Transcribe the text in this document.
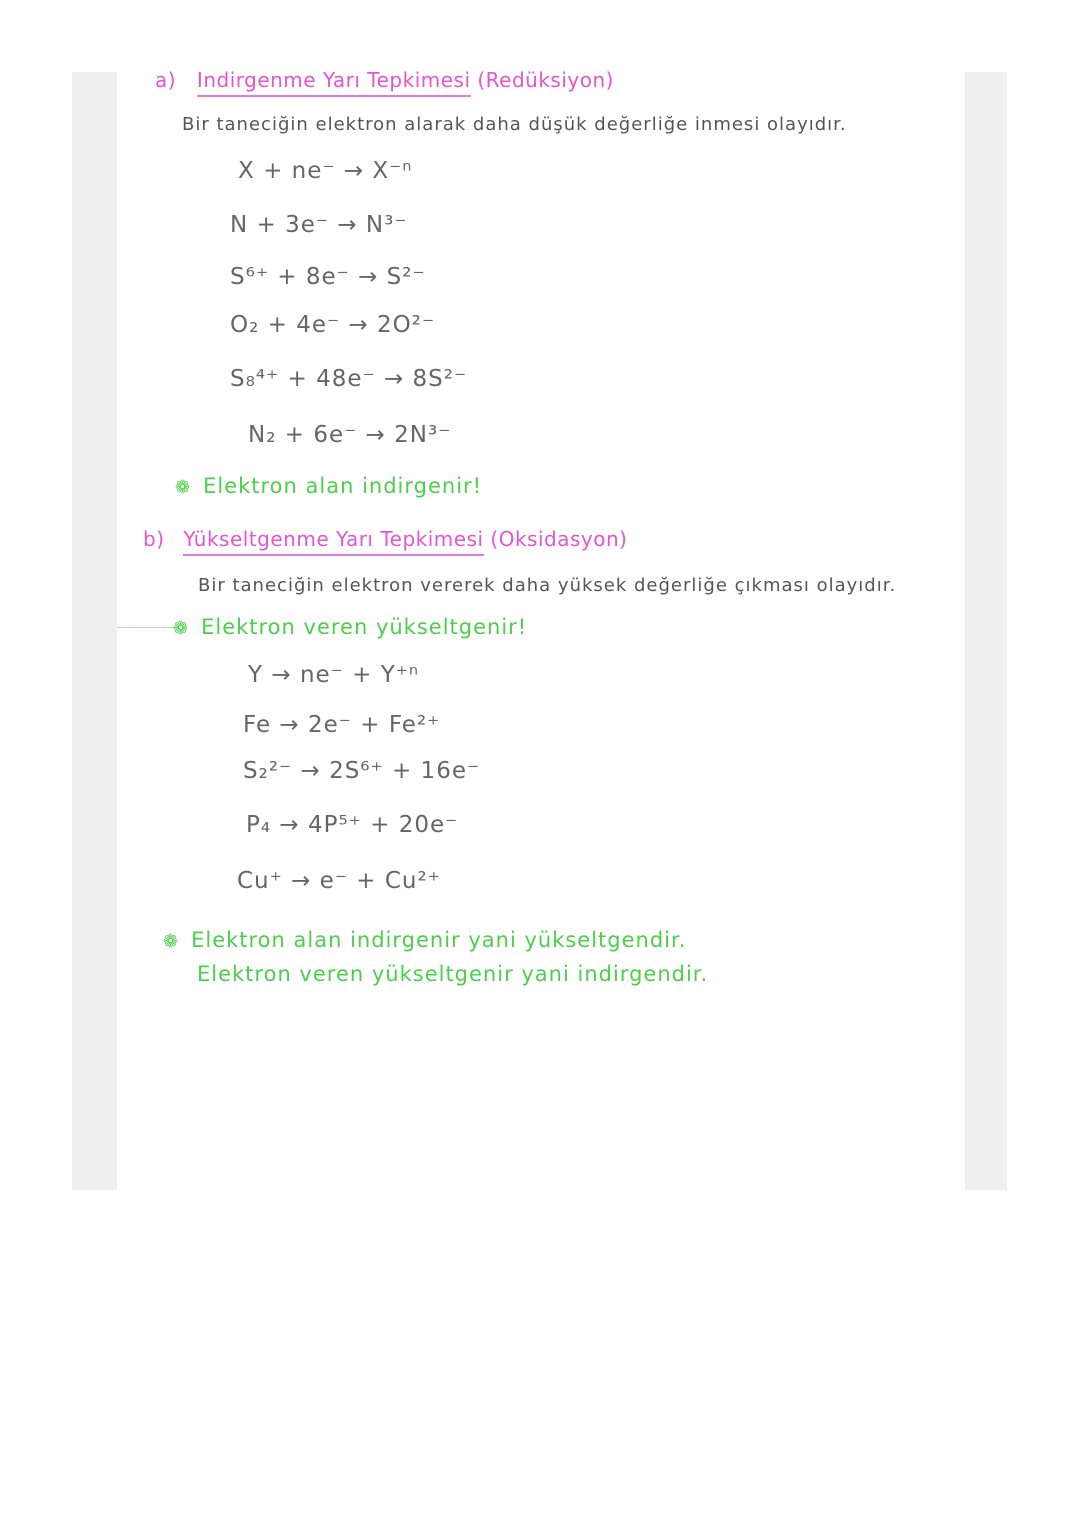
a) Indirgenme Yarı Tepkimesi (Redüksiyon)
Bir taneciğin elektron alarak daha düşük değerliğe inmesi olayıdır.
X + ne⁻ → X⁻ⁿ
N + 3e⁻ → N³⁻
S⁶⁺ + 8e⁻ → S²⁻
O₂ + 4e⁻ → 2O²⁻
S₈⁴⁺ + 48e⁻ → 8S²⁻
N₂ + 6e⁻ → 2N³⁻
❁ Elektron alan indirgenir!
b) Yükseltgenme Yarı Tepkimesi (Oksidasyon)
Bir taneciğin elektron vererek daha yüksek değerliğe çıkması olayıdır.
❁ Elektron veren yükseltgenir!
Y → ne⁻ + Y⁺ⁿ
Fe → 2e⁻ + Fe²⁺
S₂²⁻ → 2S⁶⁺ + 16e⁻
P₄ → 4P⁵⁺ + 20e⁻
Cu⁺ → e⁻ + Cu²⁺
❁ Elektron alan indirgenir yani yükseltgendir.
Elektron veren yükseltgenir yani indirgendir.
